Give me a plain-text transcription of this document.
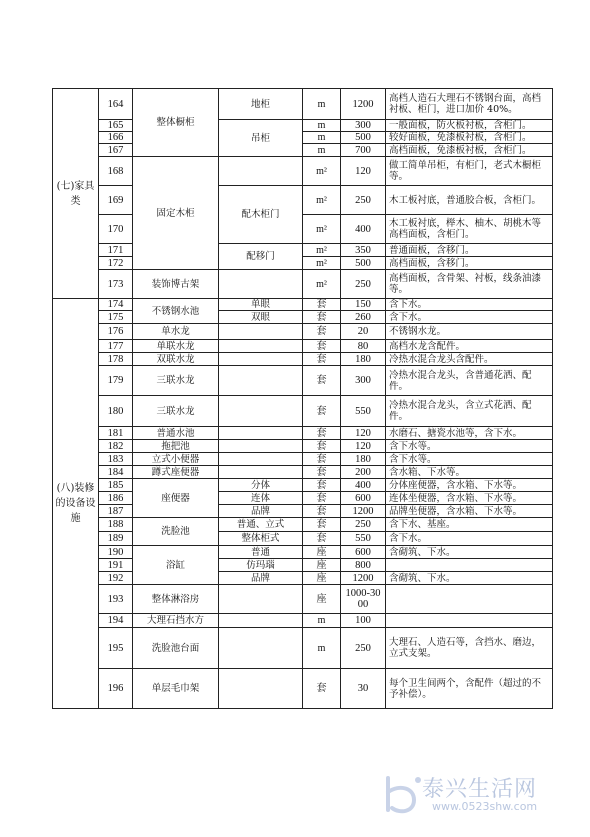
(七)家具类	164	整体橱柜	地柜	m	1200	高档人造石大理石不锈钢台面，高档衬板、柜门，进口加价 40%。
	165		吊柜	m	300	一般面板，防火板衬板，含柜门。
	166			m	500	较好面板，免漆板衬板，含柜门。
	167			m	700	高档面板，免漆板衬板，含柜门。
	168	固定木柜		m²	120	做工简单吊柜，有柜门，老式木橱柜等。
	169		配木柜门	m²	250	木工板衬底，普通胶合板，含柜门。
	170			m²	400	木工板衬底，榉木、柚木、胡桃木等高档面板，含柜门。
	171		配移门	m²	350	普通面板，含移门。
	172			m²	500	高档面板，含移门。
	173	装饰博古架		m²	250	高档面板，含骨架、衬板，线条油漆等。
(八)装修的设备设施	174	不锈钢水池	单眼	套	150	含下水。
	175		双眼	套	260	含下水。
	176	单水龙		套	20	不锈钢水龙。
	177	单联水龙		套	80	高档水龙含配件。
	178	双联水龙		套	180	冷热水混合龙头含配件。
	179	三联水龙		套	300	冷热水混合龙头，含普通花洒、配件。
	180	三联水龙		套	550	冷热水混合龙头，含立式花洒、配件。
	181	普通水池		套	120	水磨石、搪瓷水池等，含下水。
	182	拖把池		套	120	含下水等。
	183	立式小便器		套	180	含下水等。
	184	蹲式座便器		套	200	含水箱、下水等。
	185	座便器	分体	套	400	分体座便器，含水箱、下水等。
	186		连体	套	600	连体坐便器，含水箱、下水等。
	187		品牌	套	1200	品牌坐便器，含水箱、下水等。
	188	洗脸池	普通、立式	套	250	含下水、基座。
	189		整体柜式	套	550	含下水。
	190	浴缸	普通	座	600	含砌筑、下水。
	191		仿玛瑙	座	800	
	192		品牌	座	1200	含砌筑、下水。
	193	整体淋浴房		座	1000-3000	
	194	大理石挡水方		m	100	
	195	洗脸池台面		m	250	大理石、人造石等，含挡水、磨边，立式支架。
	196	单层毛巾架		套	30	每个卫生间两个，含配件（超过的不予补偿）。
泰兴生活网
www.0523shw.com
